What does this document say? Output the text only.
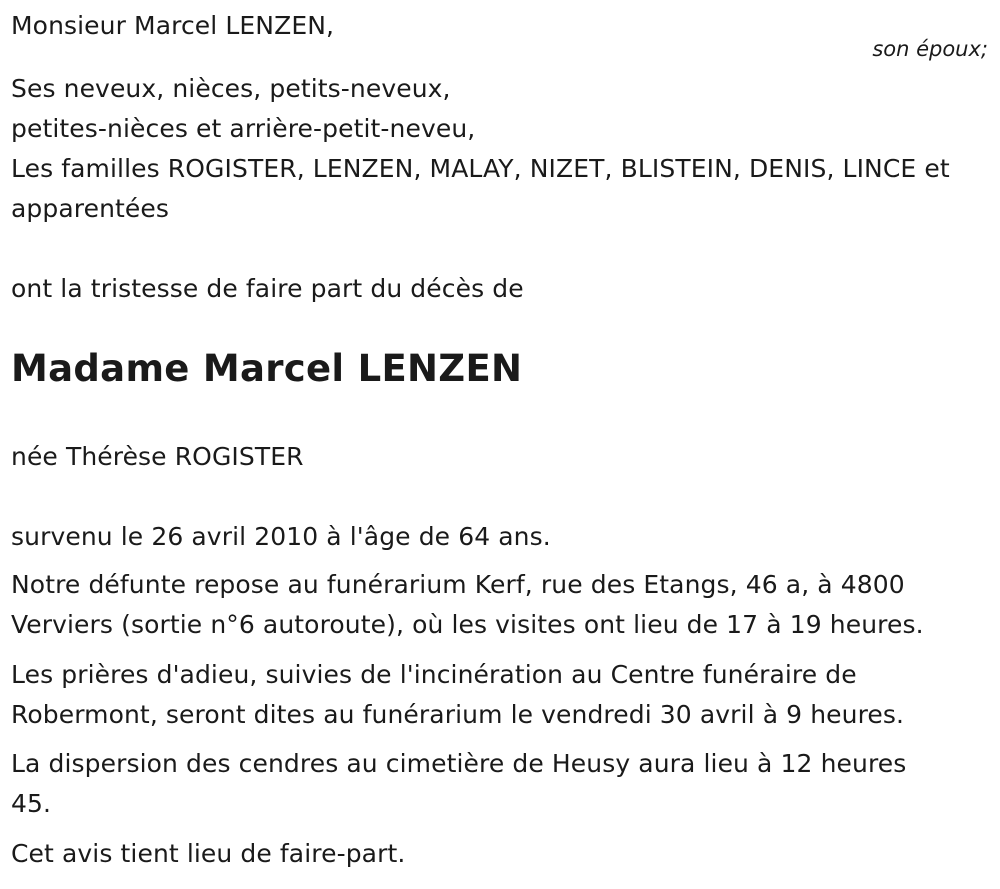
Monsieur Marcel LENZEN,
son époux;
Ses neveux, nièces, petits-neveux,
petites-nièces et arrière-petit-neveu,
Les familles ROGISTER, LENZEN, MALAY, NIZET, BLISTEIN, DENIS, LINCE et
apparentées
ont la tristesse de faire part du décès de
Madame Marcel LENZEN
née Thérèse ROGISTER
survenu le 26 avril 2010 à l'âge de 64 ans.
Notre défunte repose au funérarium Kerf, rue des Etangs, 46 a, à 4800
Verviers (sortie n°6 autoroute), où les visites ont lieu de 17 à 19 heures.
Les prières d'adieu, suivies de l'incinération au Centre funéraire de
Robermont, seront dites au funérarium le vendredi 30 avril à 9 heures.
La dispersion des cendres au cimetière de Heusy aura lieu à 12 heures
45.
Cet avis tient lieu de faire-part.
